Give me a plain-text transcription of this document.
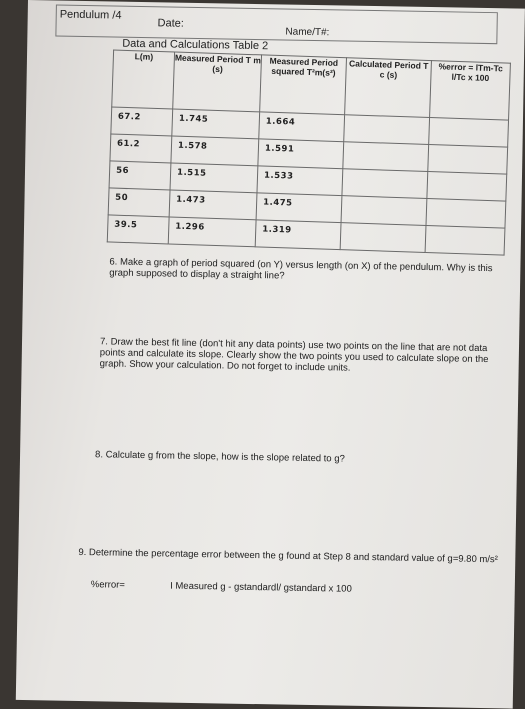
Pendulum /4
Date:
Name/T#:
Data and Calculations Table 2
L(m)	Measured Period T m (s)	Measured Period squared T²m(s²)	Calculated Period T c (s)	%error = lTm-Tc l/Tc x 100
67.2	1.745	1.664		
61.2	1.578	1.591		
56	1.515	1.533		
50	1.473	1.475		
39.5	1.296	1.319		
6. Make a graph of period squared (on Y) versus length (on X) of the pendulum. Why is this graph supposed to display a straight line?
7. Draw the best fit line (don't hit any data points) use two points on the line that are not data points and calculate its slope. Clearly show the two points you used to calculate slope on the graph. Show your calculation. Do not forget to include units.
8. Calculate g from the slope, how is the slope related to g?
9. Determine the percentage error between the g found at Step 8 and standard value of g=9.80 m/s²
%error=	I Measured g - gstandardl/ gstandard x 100
